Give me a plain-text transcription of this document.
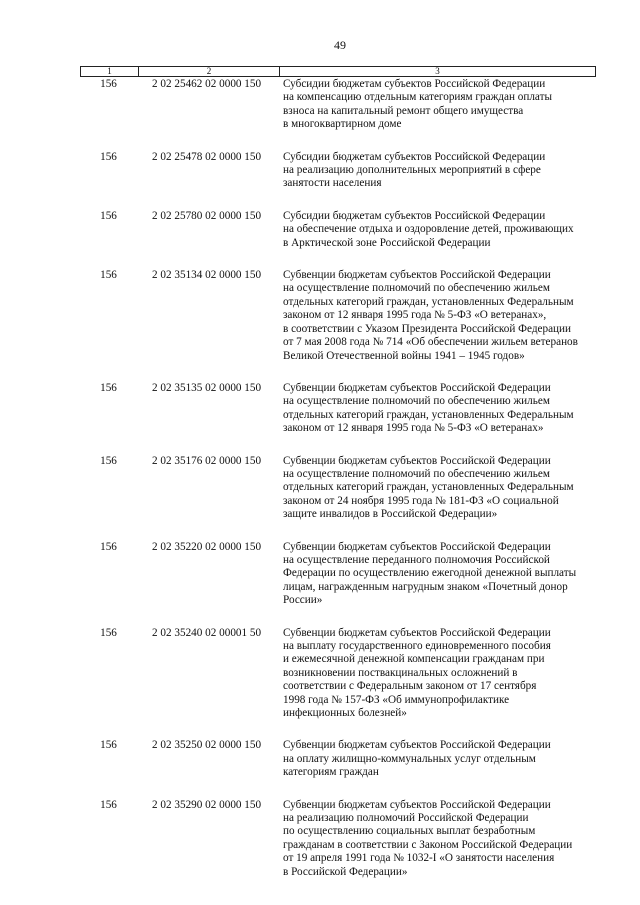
49
1	2	3
156	2 02 25462 02 0000 150	Субсидии бюджетам субъектов Российской Федерации
на компенсацию отдельным категориям граждан оплаты
взноса на капитальный ремонт общего имущества
в многоквартирном доме
156	2 02 25478 02 0000 150	Субсидии бюджетам субъектов Российской Федерации
на реализацию дополнительных мероприятий в сфере
занятости населения
156	2 02 25780 02 0000 150	Субсидии бюджетам субъектов Российской Федерации
на обеспечение отдыха и оздоровление детей, проживающих
в Арктической зоне Российской Федерации
156	2 02 35134 02 0000 150	Субвенции бюджетам субъектов Российской Федерации
на осуществление полномочий по обеспечению жильем
отдельных категорий граждан, установленных Федеральным
законом от 12 января 1995 года № 5-ФЗ «О ветеранах»,
в соответствии с Указом Президента Российской Федерации
от 7 мая 2008 года № 714 «Об обеспечении жильем ветеранов
Великой Отечественной войны 1941 – 1945 годов»
156	2 02 35135 02 0000 150	Субвенции бюджетам субъектов Российской Федерации
на осуществление полномочий по обеспечению жильем
отдельных категорий граждан, установленных Федеральным
законом от 12 января 1995 года № 5-ФЗ «О ветеранах»
156	2 02 35176 02 0000 150	Субвенции бюджетам субъектов Российской Федерации
на осуществление полномочий по обеспечению жильем
отдельных категорий граждан, установленных Федеральным
законом от 24 ноября 1995 года № 181-ФЗ «О социальной
защите инвалидов в Российской Федерации»
156	2 02 35220 02 0000 150	Субвенции бюджетам субъектов Российской Федерации
на осуществление переданного полномочия Российской
Федерации по осуществлению ежегодной денежной выплаты
лицам, награжденным нагрудным знаком «Почетный донор
России»
156	2 02 35240 02 00001 50	Субвенции бюджетам субъектов Российской Федерации
на выплату государственного единовременного пособия
и ежемесячной денежной компенсации гражданам при
возникновении поствакцинальных осложнений в
соответствии с Федеральным законом от 17 сентября
1998 года № 157-ФЗ «Об иммунопрофилактике
инфекционных болезней»
156	2 02 35250 02 0000 150	Субвенции бюджетам субъектов Российской Федерации
на оплату жилищно-коммунальных услуг отдельным
категориям граждан
156	2 02 35290 02 0000 150	Субвенции бюджетам субъектов Российской Федерации
на реализацию полномочий Российской Федерации
по осуществлению социальных выплат безработным
гражданам в соответствии с Законом Российской Федерации
от 19 апреля 1991 года № 1032-I «О занятости населения
в Российской Федерации»
